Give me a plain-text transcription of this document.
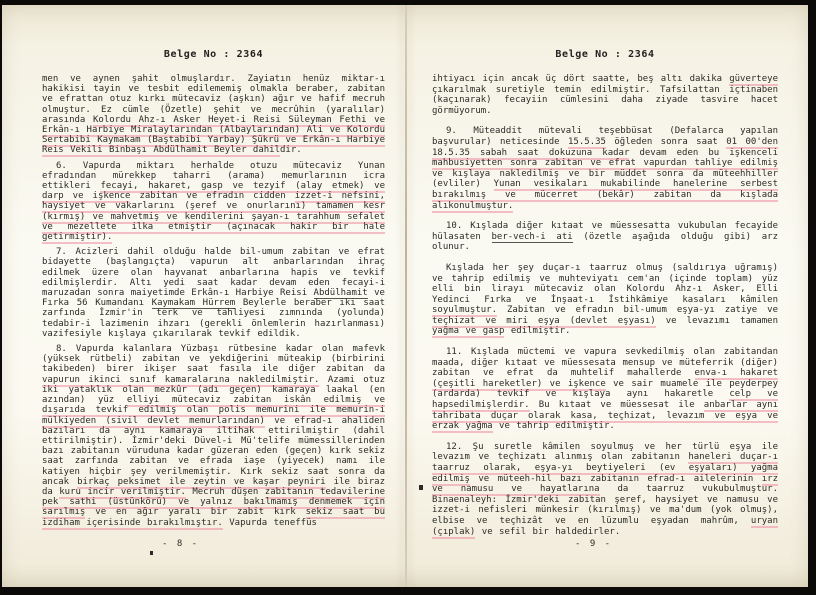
Belge No : 2364

men ve aynen şahit olmuşlardır. Zayiatın henüz miktar-ı hakikisi tayin ve tesbit edilememiş olmakla beraber, zabitan ve efrattan otuz kırkı mütecaviz (aşkın) ağır ve hafif mecruh olmuştur. Ez cümle (Özetle) şehit ve mecrûhin (yaralılar) arasında Kolordu Ahz-ı Asker Heyet-i Reisi Süleyman Fethi ve Erkân-ı Harbiye Miralaylarından (Albaylarından) Ali ve Kolordu Sertabibi Kaymakam (Baştabibi Yarbay) Şükrü ve Erkân-ı Harbiye Reis Vekili Binbaşı Abdülhamit Beyler dahildir.

6. Vapurda miktarı herhalde otuzu mütecaviz Yunan efradından mürekkep taharri (arama) memurlarının icra ettikleri fecayi, hakaret, gasp ve tezyif (alay etmek) ve darp ve işkence zabitan ve efradın cidden izzet-i nefsini, haysiyet ve vakarlarını (şeref ve onurlarını) tamamen kesr (kırmış) ve mahvetmiş ve kendilerini şayan-ı tarahhum sefalet ve mezellete ilka etmiştir (açınacak hakir bir hale getirmiştir).

7. Acizleri dahil olduğu halde bil-umum zabitan ve efrat bidayette (başlangıçta) vapurun alt anbarlarından ihraç edilmek üzere olan hayvanat anbarlarına hapis ve tevkif edilmişlerdir. Altı yedi saat kadar devam eden fecayi-i maruzadan sonra maiyetimde Erkân-ı Harbiye Reisi Abdülhamit ve Fırka 56 Kumandanı Kaymakam Hürrem Beylerle beraber iki saat zarfında İzmir'in terk ve tahliyesi zımnında (yolunda) tedabir-i lazimenin ihzarı (gerekli önlemlerin hazırlanması) vazifesiyle kışlaya çıkarılarak tevkif edildik.

8. Vapurda kalanlara Yüzbaşı rütbesine kadar olan mafevk (yüksek rütbeli) zabitan ve yekdiğerini müteakip (birbirini takibeden) birer ikişer saat fasıla ile diğer zabitan da vapurun ikinci sınıf kamaralarına nakledilmiştir. Azami otuz iki yataklık olan mezkûr (adı geçen) kamaraya laakal (en azından) yüz elliyi mütecaviz zabitan iskân edilmiş ve dışarıda tevkif edilmiş olan polis memurini ile memurin-i mülkiyeden (sivil devlet memurlarından) ve efrad-ı ahaliden bazıları da aynı kamaraya iltihak ettirilmiştir (dahil ettirilmiştir). İzmir'deki Düvel-i Mü'telife mümessillerinden bazı zabitanın vüruduna kadar güzeran eden (geçen) kırk sekiz saat zarfında zabitan ve efrada iaşe (yiyecek) namı ile katiyen hiçbir şey verilmemiştir. Kırk sekiz saat sonra da ancak birkaç peksimet ile zeytin ve kaşar peyniri ile biraz da kuru incir verilmiştir. Mecruh düşen zabitanın tedavilerine pek sathi (üstünkörü) ve yalnız bakılmamış denmemek için sarılmış ve en ağır yaralı bir zabit kırk sekiz saat bu izdiham içerisinde bırakılmıştır. Vapurda teneffüs

- 8 -
Belge No : 2364

ihtiyacı için ancak üç dört saatte, beş altı dakika güverteye çıkarılmak suretiyle temin edilmiştir. Tafsilattan içtinaben (kaçınarak) fecayiin cümlesini daha ziyade tasvire hacet görmüyorum.

9. Müteaddit mütevali teşebbüsat (Defalarca yapılan başvurular) neticesinde 15.5.35 öğleden sonra saat 01 00'den 18.5.35 sabah saat dokuzuna kadar devam eden bu işkenceli mahbusiyetten sonra zabitan ve efrat vapurdan tahliye edilmiş ve kışlaya nakledilmiş ve bir müddet sonra da müteehhiller (evliler) Yunan vesikaları mukabilinde hanelerine serbest bırakılmış ve mücerret (bekâr) zabitan da kışlada alıkonulmuştur.

10. Kışlada diğer kıtaat ve müessesatta vukubulan fecayide hülasaten ber-vech-i ati (özetle aşağıda olduğu gibi) arz olunur.

Kışlada her şey duçar-ı taarruz olmuş (saldırıya uğramış) ve tahrip edilmiş ve muhteviyatı cem'an (içinde toplam) yüz elli bin lirayı mütecaviz olan Kolordu Ahz-ı Asker, Elli Yedinci Fırka ve İnşaat-ı İstihkâmiye kasaları kâmilen soyulmuştur. Zabitan ve efradın bil-umum eşya-yı zatiye ve teçhizat ve miri eşya (devlet eşyası) ve levazımı tamamen yağma ve gasp edilmiştir.

11. Kışlada müctemi ve vapura sevkedilmiş olan zabitandan maada, diğer kıtaat ve müessesata mensup ve müteferrik (diğer) zabitan ve efrat da muhtelif mahallerde enva-ı hakaret (çeşitli hareketler) ve işkence ve sair muamele ile peyderpey (ardarda) tevkif ve kışlaya aynı hakaretle celp ve hapsedilmişlerdir. Bu kıtaat ve müessesat ile anbarlar aynı tahribata duçar olarak kasa, teçhizat, levazım ve eşya ve erzak yağma ve tahrip edilmiştir.

12. Şu suretle kâmilen soyulmuş ve her türlü eşya ile levazım ve teçhizatı alınmış olan zabitanın haneleri duçar-ı taarruz olarak, eşya-yı beytiyeleri (ev eşyaları) yağma edilmiş ve müteeh-hil bazı zabitanın efrad-ı ailelerinin ırz ve namusu ve hayatlarına da taarruz vukubulmuştur. Binaenaleyh: İzmir'deki zabitan şeref, haysiyet ve namusu ve izzet-i nefisleri münkesir (kırılmış) ve ma'dum (yok olmuş), elbise ve teçhizât ve en lüzumlu eşyadan mahrûm, uryan (çıplak) ve sefil bir haldedirler.

- 9 -
